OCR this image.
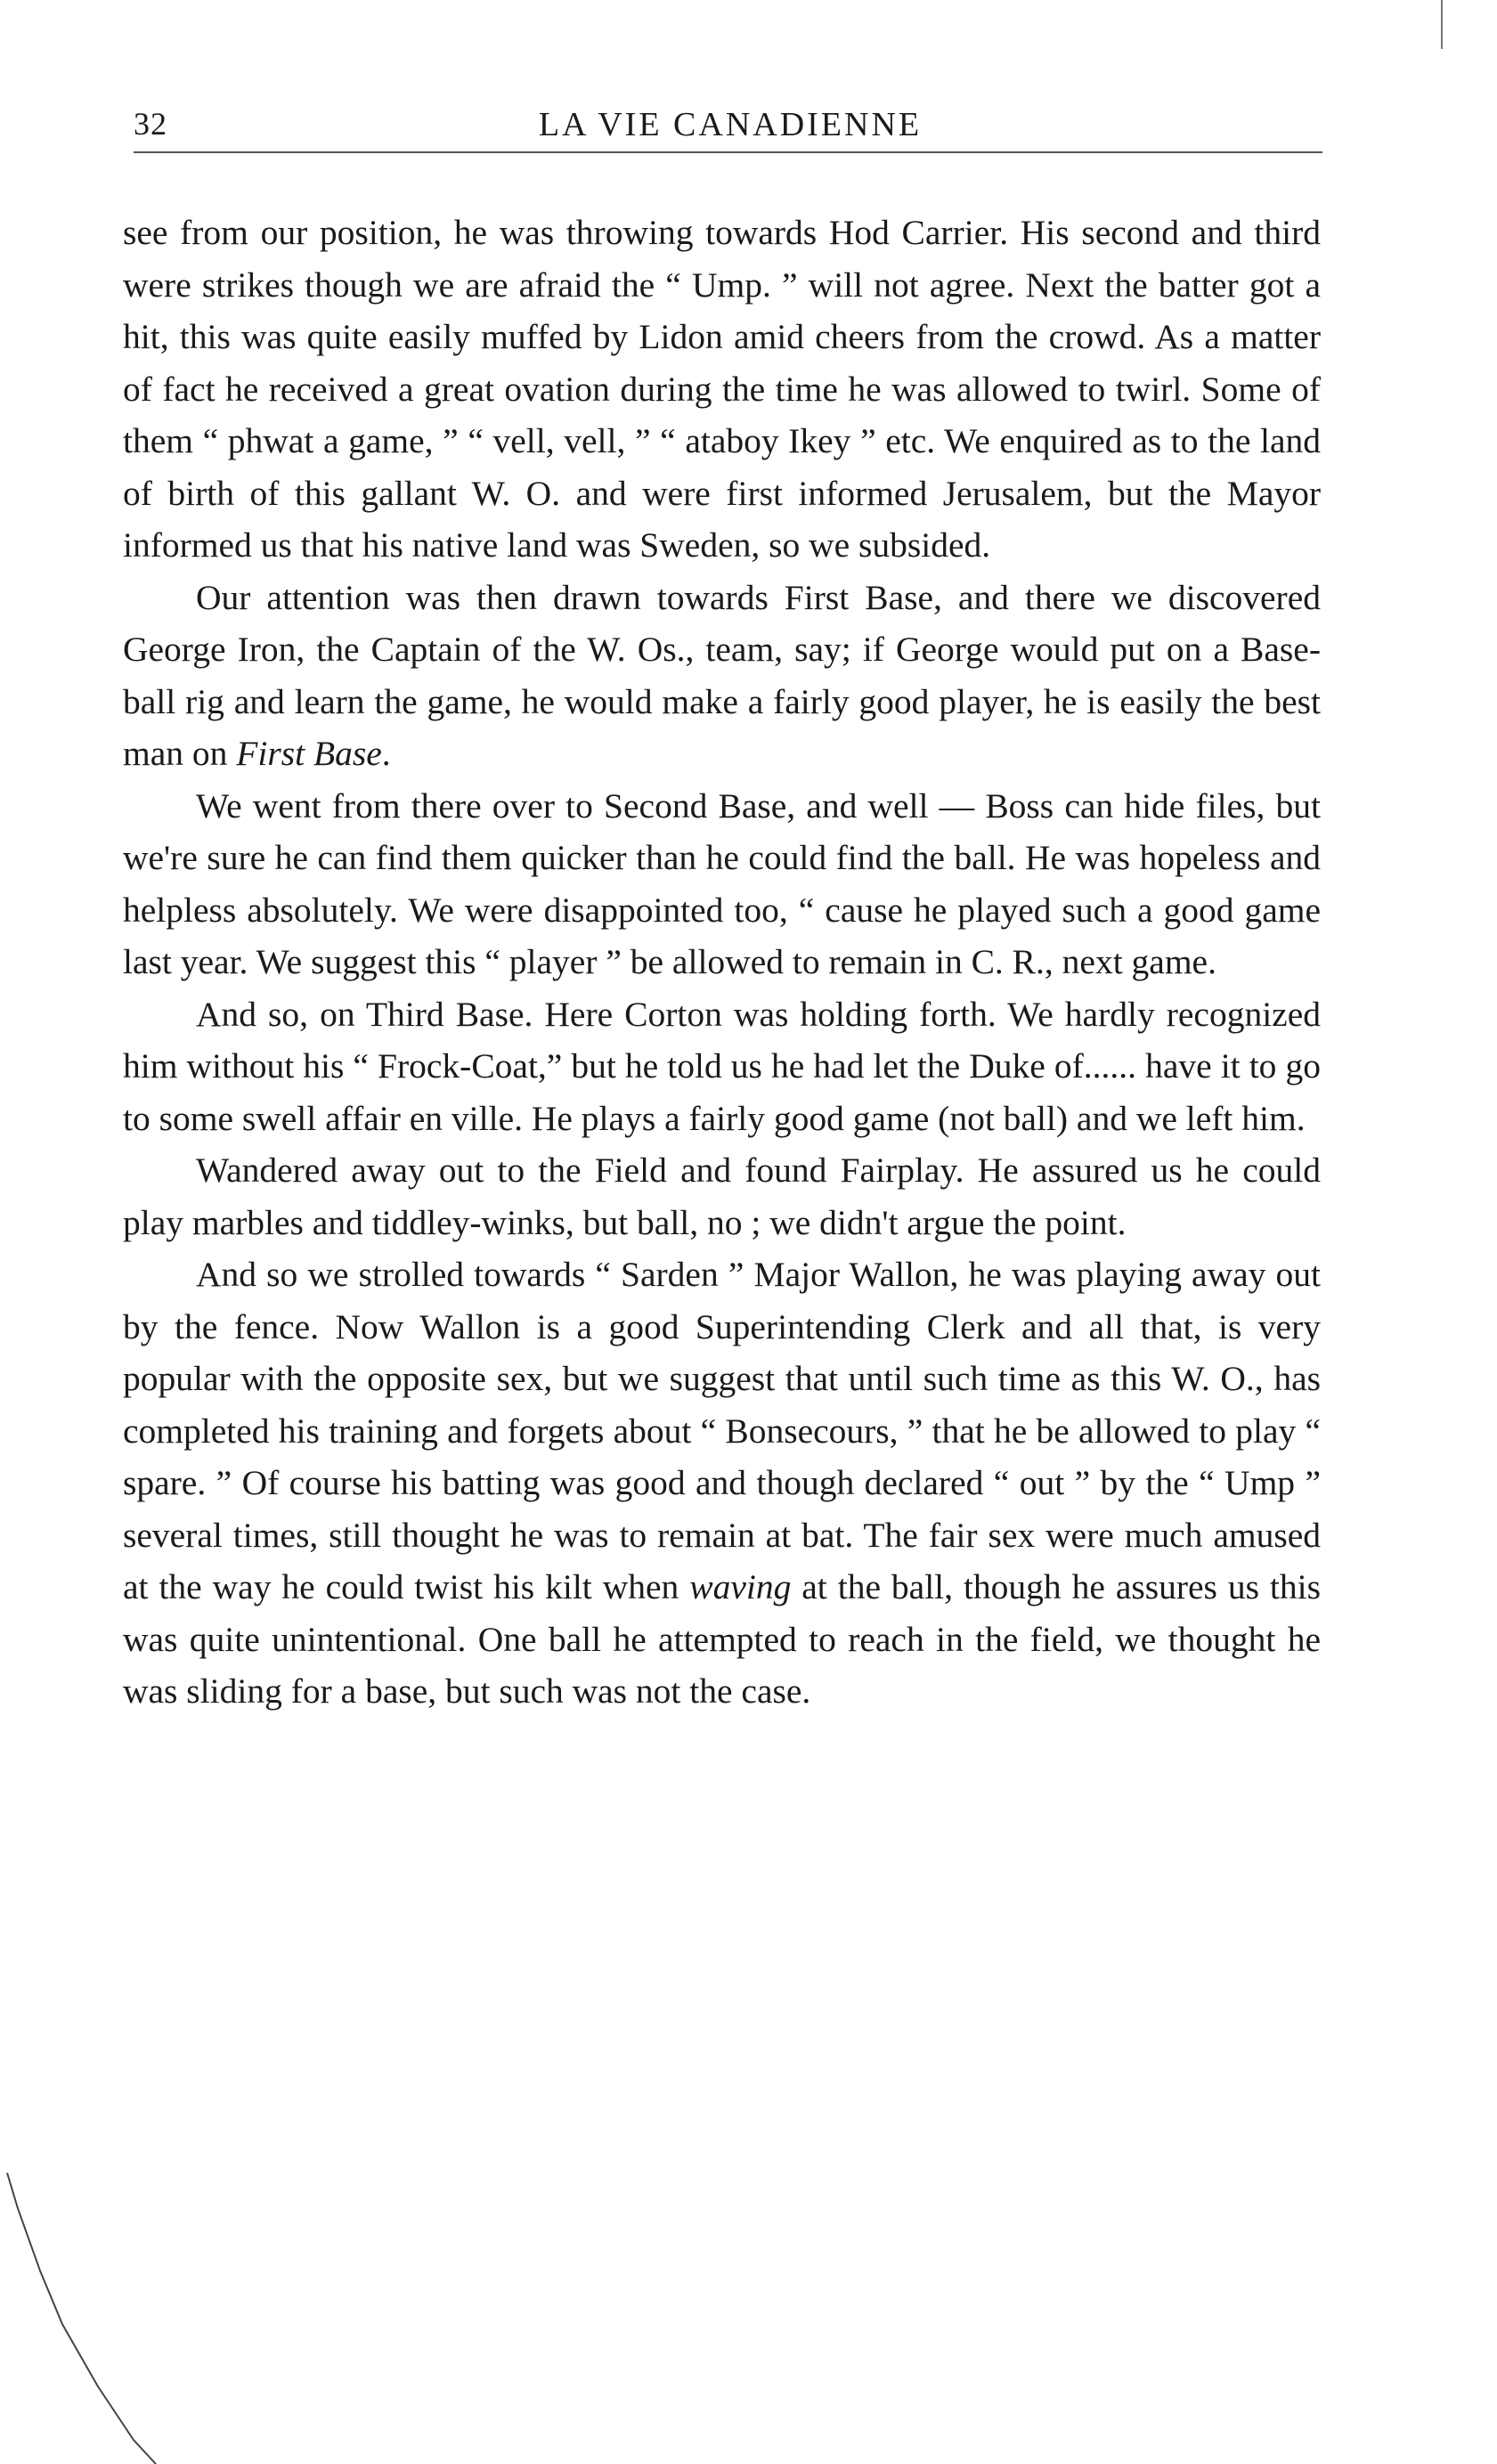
32	LA VIE CANADIENNE

see from our position, he was throwing towards Hod Carrier. His second and third were strikes though we are afraid the “ Ump. ” will not agree. Next the batter got a hit, this was quite easily muffed by Lidon amid cheers from the crowd. As a matter of fact he received a great ovation during the time he was allowed to twirl. Some of them “ phwat a game, ” “ vell, vell, ” “ ataboy Ikey ” etc. We enquired as to the land of birth of this gallant W. O. and were first informed Jerusalem, but the Mayor informed us that his native land was Sweden, so we subsided.

Our attention was then drawn towards First Base, and there we discovered George Iron, the Captain of the W. Os., team, say; if George would put on a Base-ball rig and learn the game, he would make a fairly good player, he is easily the best man on First Base.

We went from there over to Second Base, and well — Boss can hide files, but we're sure he can find them quicker than he could find the ball. He was hopeless and helpless absolutely. We were disappointed too, “ cause he played such a good game last year. We suggest this “ player ” be allowed to remain in C. R., next game.

And so, on Third Base. Here Corton was holding forth. We hardly recognized him without his “ Frock-Coat,” but he told us he had let the Duke of...... have it to go to some swell affair en ville. He plays a fairly good game (not ball) and we left him.

Wandered away out to the Field and found Fairplay. He assured us he could play marbles and tiddley-winks, but ball, no ; we didn't argue the point.

And so we strolled towards “ Sarden ” Major Wallon, he was playing away out by the fence. Now Wallon is a good Superintending Clerk and all that, is very popular with the opposite sex, but we suggest that until such time as this W. O., has completed his training and forgets about “ Bonsecours, ” that he be allowed to play “ spare. ” Of course his batting was good and though declared “ out ” by the “ Ump ” several times, still thought he was to remain at bat. The fair sex were much amused at the way he could twist his kilt when waving at the ball, though he assures us this was quite unintentional. One ball he attempted to reach in the field, we thought he was sliding for a base, but such was not the case.
